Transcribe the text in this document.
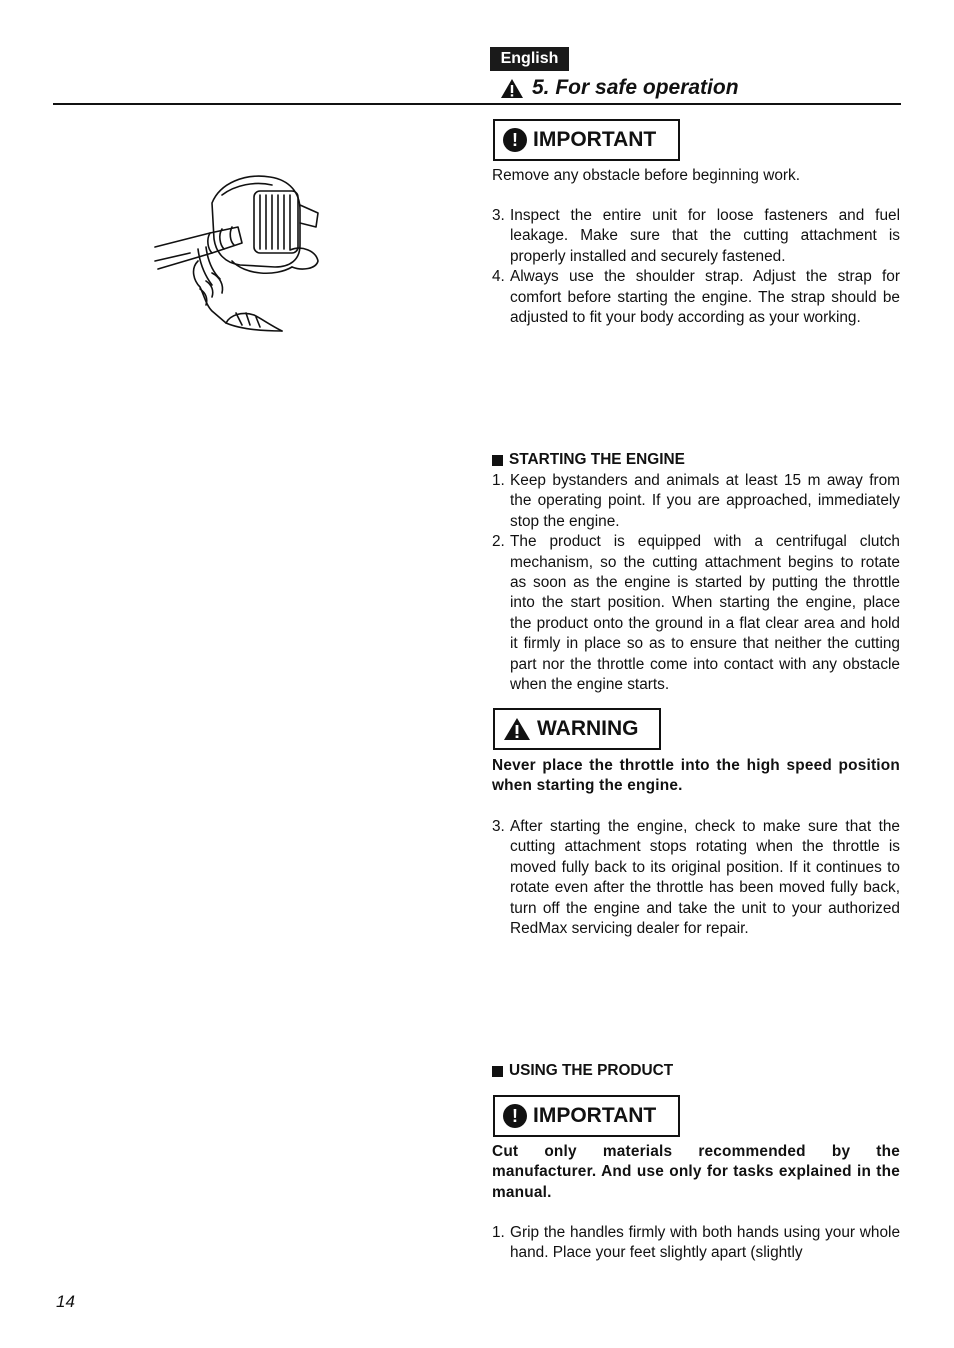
English
5. For safe operation
! IMPORTANT

Remove any obstacle before beginning work.

3. Inspect the entire unit for loose fasteners and fuel leakage. Make sure that the cutting attachment is properly installed and securely fastened.
4. Always use the shoulder strap. Adjust the strap for comfort before starting the engine. The strap should be adjusted to fit your body according as your working.
STARTING THE ENGINE
1. Keep bystanders and animals at least 15 m away from the operating point. If you are approached, immediately stop the engine.
2. The product is equipped with a centrifugal clutch mechanism, so the cutting attachment begins to rotate as soon as the engine is started by putting the throttle into the start position. When starting the engine, place the product onto the ground in a flat clear area and hold it firmly in place so as to ensure that neither the cutting part nor the throttle come into contact with any obstacle when the engine starts.
WARNING

Never place the throttle into the high speed position when starting the engine.

3. After starting the engine, check to make sure that the cutting attachment stops rotating when the throttle is moved fully back to its original position. If it continues to rotate even after the throttle has been moved fully back, turn off the engine and take the unit to your authorized RedMax servicing dealer for repair.
USING THE PRODUCT
! IMPORTANT

Cut only materials recommended by the manufacturer. And use only for tasks explained in the manual.

1. Grip the handles firmly with both hands using your whole hand. Place your feet slightly apart (slightly
14
